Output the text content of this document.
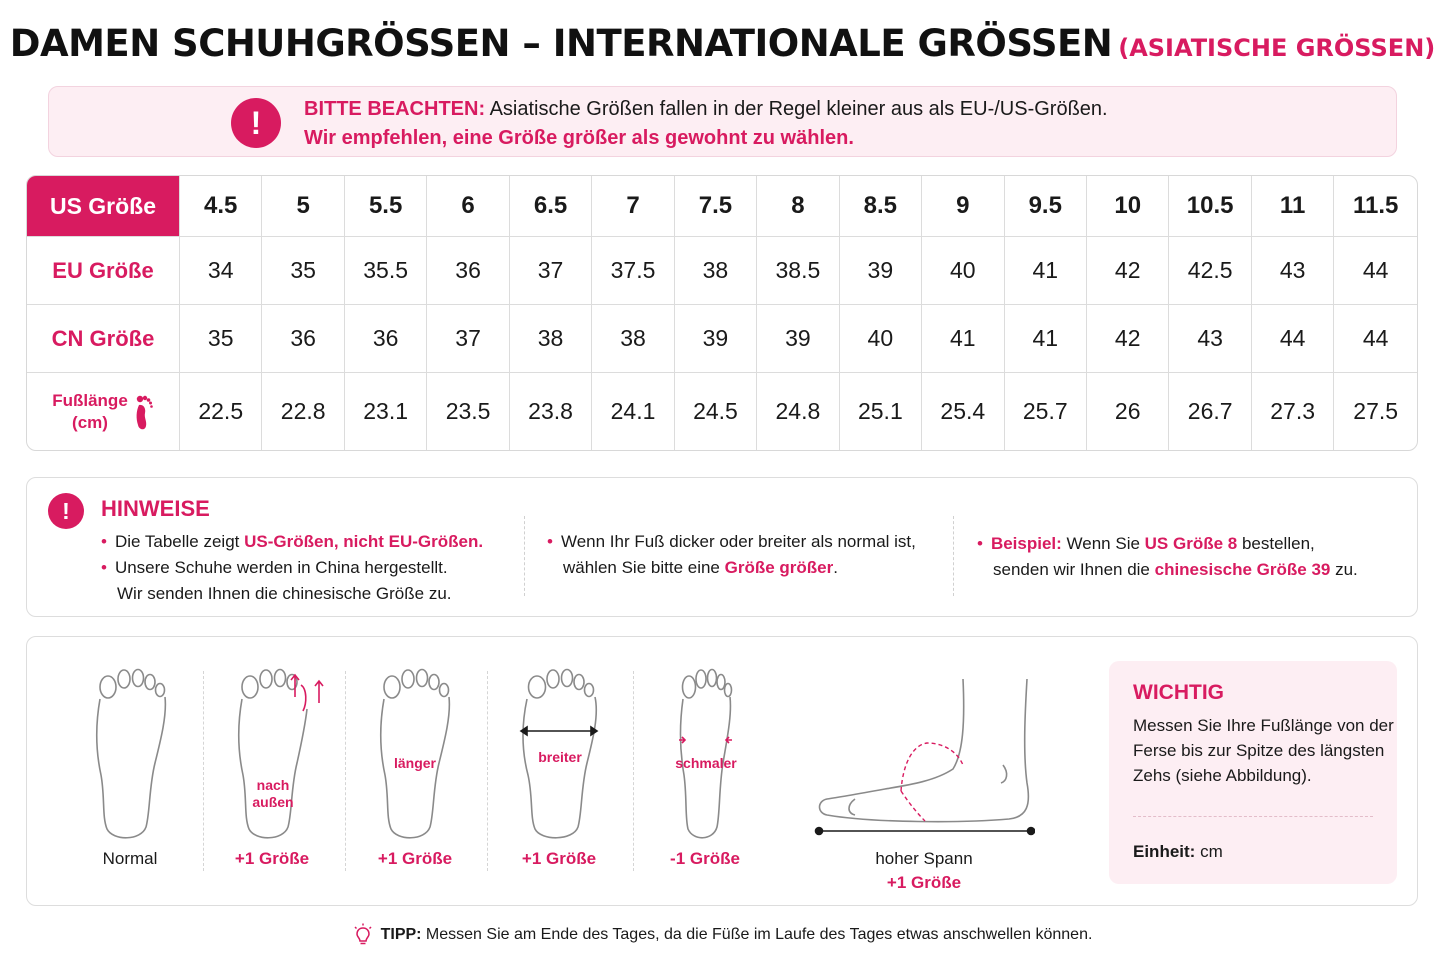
DAMEN SCHUHGRÖSSEN – INTERNATIONALE GRÖSSEN (ASIATISCHE GRÖSSEN)
!	BITTE BEACHTEN: Asiatische Größen fallen in der Regel kleiner aus als EU-/US-Größen.
Wir empfehlen, eine Größe größer als gewohnt zu wählen.
US Größe	4.5	5	5.5	6	6.5	7	7.5	8	8.5	9	9.5	10	10.5	11	11.5
EU Größe	34	35	35.5	36	37	37.5	38	38.5	39	40	41	42	42.5	43	44
CN Größe	35	36	36	37	38	38	39	39	40	41	41	42	43	44	44

Fußlänge
(cm)	22.5	22.8	23.1	23.5	23.8	24.1	24.5	24.8	25.1	25.4	25.7	26	26.7	27.3	27.5
!	HINWEISE
• Die Tabelle zeigt US-Größen, nicht EU-Größen.
• Unsere Schuhe werden in China hergestellt.
Wir senden Ihnen die chinesische Größe zu.
• Wenn Ihr Fuß dicker oder breiter als normal ist,
wählen Sie bitte eine Größe größer.
• Beispiel: Wenn Sie US Größe 8 bestellen,
senden wir Ihnen die chinesische Größe 39 zu.
Normal
nach
außen
+1 Größe
länger
+1 Größe
breiter
+1 Größe
schmaler
-1 Größe	hoher Spann
+1 Größe
WICHTIG
Messen Sie Ihre Fußlänge von der Ferse bis zur Spitze des längsten Zehs (siehe Abbildung).
Einheit: cm
TIPP: Messen Sie am Ende des Tages, da die Füße im Laufe des Tages etwas anschwellen können.
